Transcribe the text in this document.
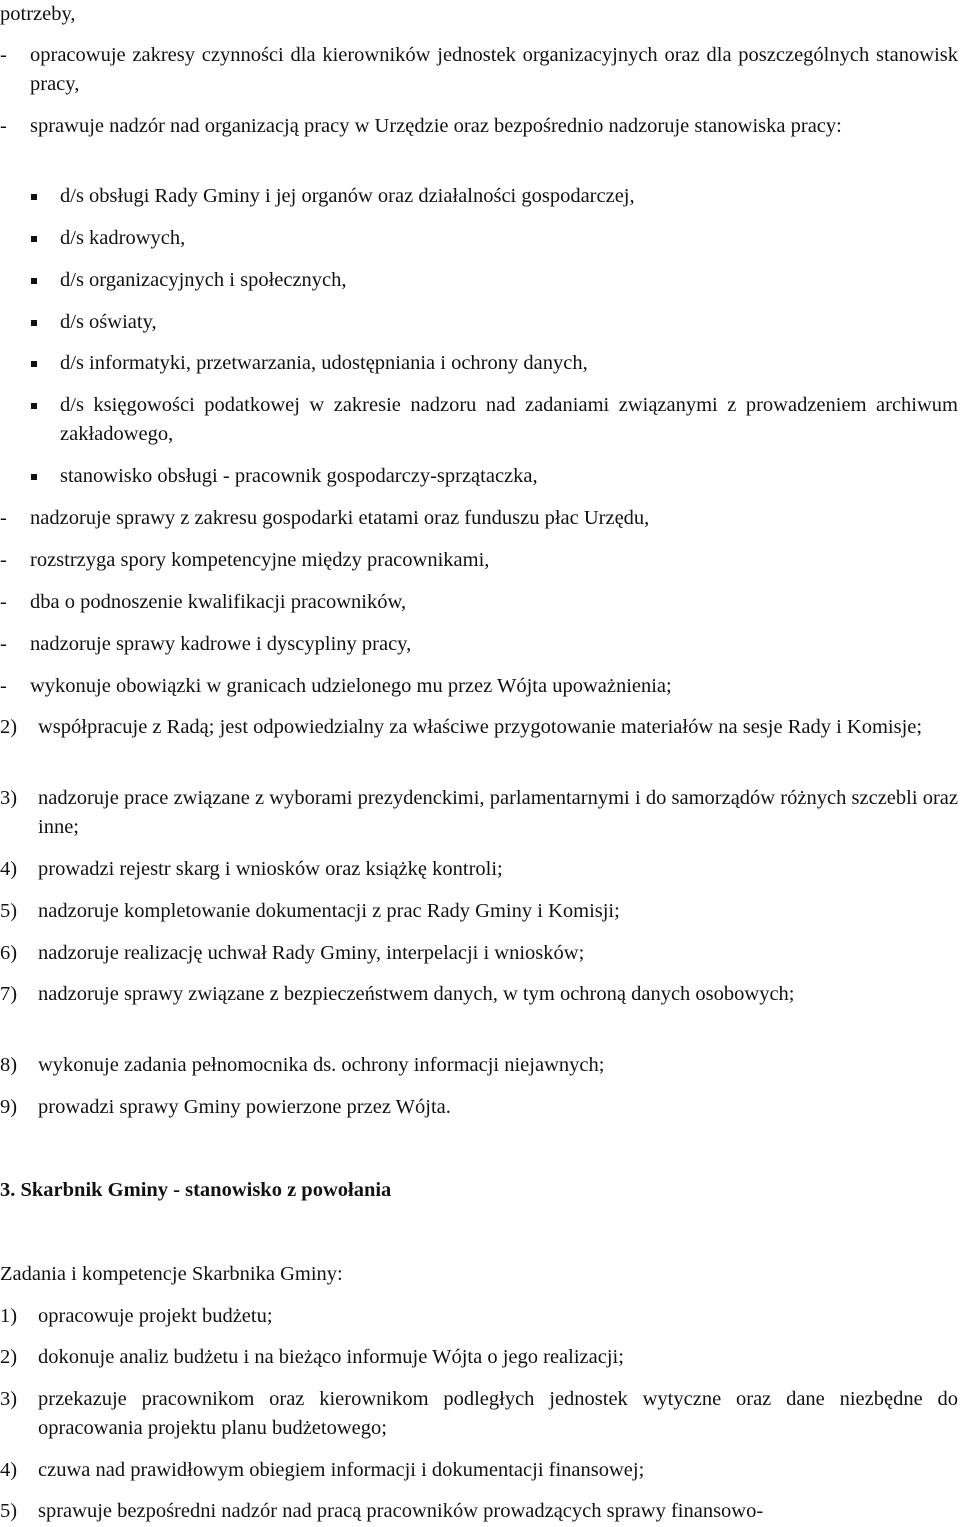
potrzeby,
- opracowuje zakresy czynności dla kierowników jednostek organizacyjnych oraz dla poszczególnych stanowisk pracy,
- sprawuje nadzór nad organizacją pracy w Urzędzie oraz bezpośrednio nadzoruje stanowiska pracy:
d/s obsługi Rady Gminy i jej organów oraz działalności gospodarczej,
d/s kadrowych,
d/s organizacyjnych i społecznych,
d/s oświaty,
d/s informatyki, przetwarzania, udostępniania i ochrony danych,
d/s księgowości podatkowej w zakresie nadzoru nad zadaniami związanymi z prowadzeniem archiwum zakładowego,
stanowisko obsługi - pracownik gospodarczy-sprzątaczka,
- nadzoruje sprawy z zakresu gospodarki etatami oraz funduszu płac Urzędu,
- rozstrzyga spory kompetencyjne między pracownikami,
- dba o podnoszenie kwalifikacji pracowników,
- nadzoruje sprawy kadrowe i dyscypliny pracy,
- wykonuje obowiązki w granicach udzielonego mu przez Wójta upoważnienia;
2) współpracuje z Radą; jest odpowiedzialny za właściwe przygotowanie materiałów na sesje Rady i Komisje;
3) nadzoruje prace związane z wyborami prezydenckimi, parlamentarnymi i do samorządów różnych szczebli oraz inne;
4) prowadzi rejestr skarg i wniosków oraz książkę kontroli;
5) nadzoruje kompletowanie dokumentacji z prac Rady Gminy i Komisji;
6) nadzoruje realizację uchwał Rady Gminy, interpelacji i wniosków;
7) nadzoruje sprawy związane z bezpieczeństwem danych, w tym ochroną danych osobowych;
8) wykonuje zadania pełnomocnika ds. ochrony informacji niejawnych;
9) prowadzi sprawy Gminy powierzone przez Wójta.
3. Skarbnik Gminy - stanowisko z powołania
Zadania i kompetencje Skarbnika Gminy:
1) opracowuje projekt budżetu;
2) dokonuje analiz budżetu i na bieżąco informuje Wójta o jego realizacji;
3) przekazuje pracownikom oraz kierownikom podległych jednostek wytyczne oraz dane niezbędne do opracowania projektu planu budżetowego;
4) czuwa nad prawidłowym obiegiem informacji i dokumentacji finansowej;
5) sprawuje bezpośredni nadzór nad pracą pracowników prowadzących sprawy finansowo-
